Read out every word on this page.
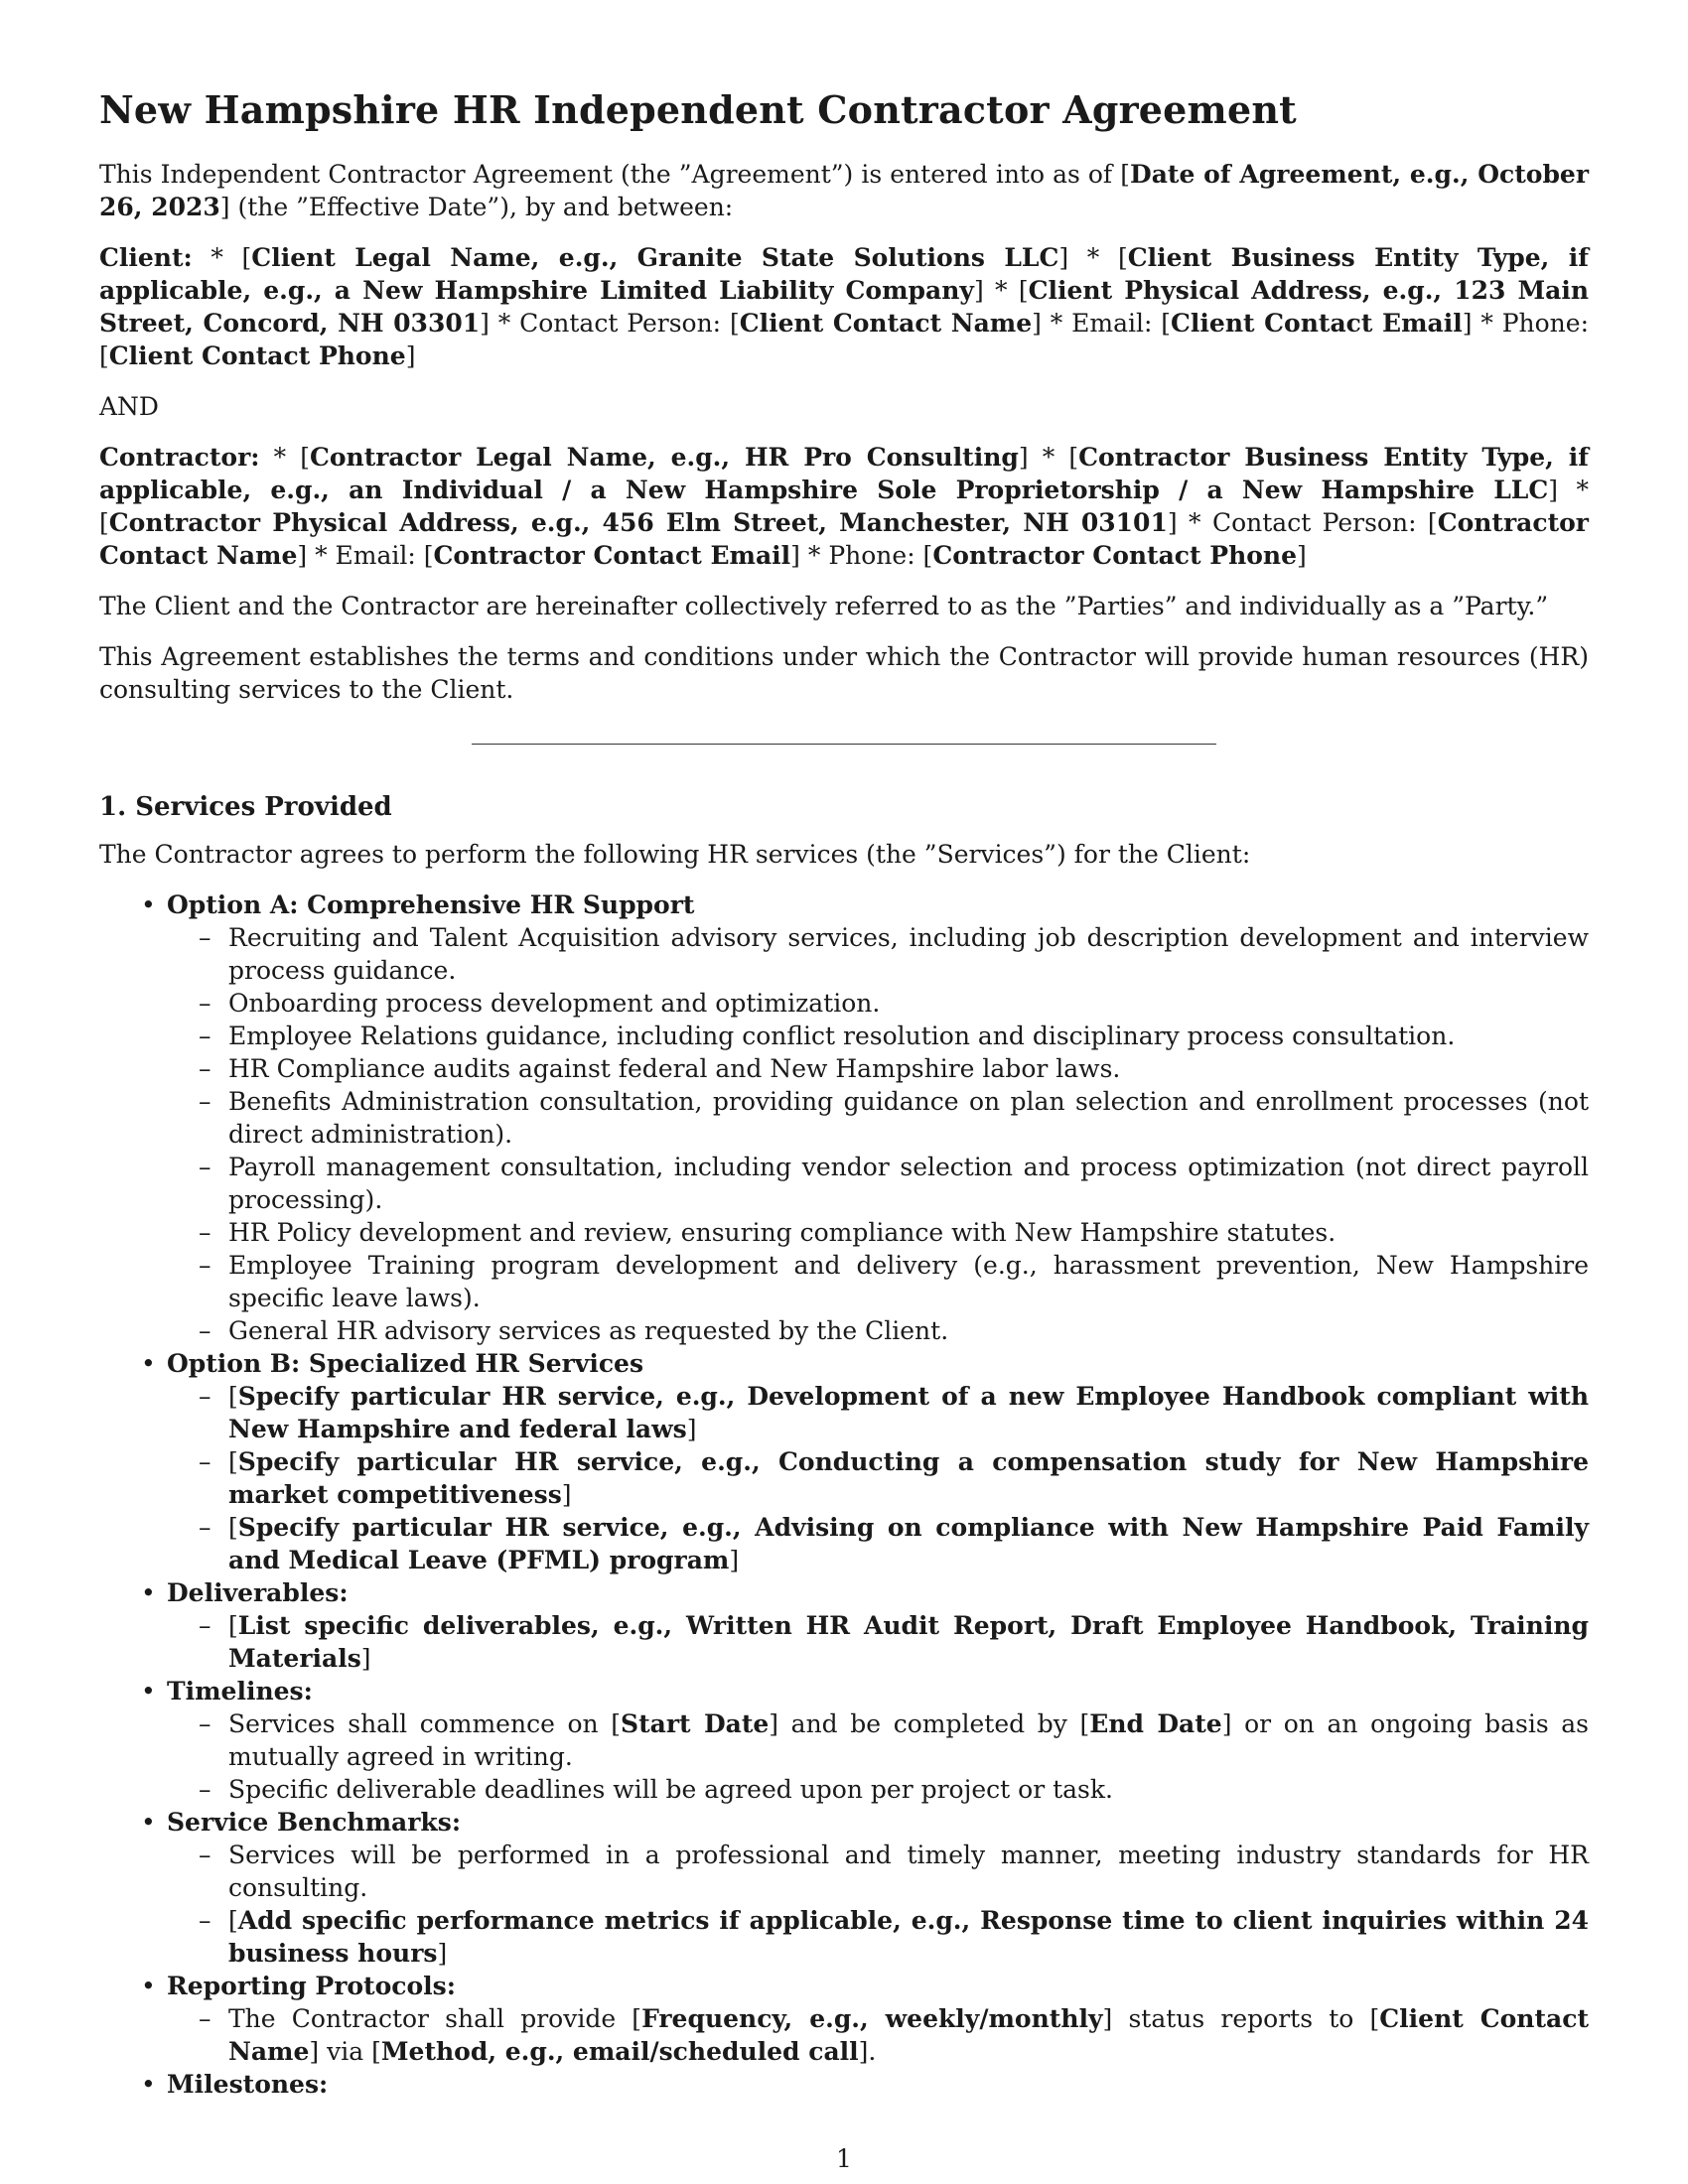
New Hampshire HR Independent Contractor Agreement

This Independent Contractor Agreement (the ”Agreement”) is entered into as of [Date of Agreement, e.g., October 26, 2023] (the ”Effective Date”), by and between:

Client: * [Client Legal Name, e.g., Granite State Solutions LLC] * [Client Business Entity Type, if applicable, e.g., a New Hampshire Limited Liability Company] * [Client Physical Address, e.g., 123 Main Street, Concord, NH 03301] * Contact Person: [Client Contact Name] * Email: [Client Contact Email] * Phone: [Client Contact Phone]

AND

Contractor: * [Contractor Legal Name, e.g., HR Pro Consulting] * [Contractor Business Entity Type, if applicable, e.g., an Individual / a New Hampshire Sole Proprietorship / a New Hampshire LLC] * [Contractor Physical Address, e.g., 456 Elm Street, Manchester, NH 03101] * Contact Person: [Contractor Contact Name] * Email: [Contractor Contact Email] * Phone: [Contractor Contact Phone]

The Client and the Contractor are hereinafter collectively referred to as the ”Parties” and individually as a ”Party.”

This Agreement establishes the terms and conditions under which the Contractor will provide human resources (HR) consulting services to the Client.

1. Services Provided

The Contractor agrees to perform the following HR services (the ”Services”) for the Client:

• Option A: Comprehensive HR Support
– Recruiting and Talent Acquisition advisory services, including job description development and interview process guidance.
– Onboarding process development and optimization.
– Employee Relations guidance, including conflict resolution and disciplinary process consultation.
– HR Compliance audits against federal and New Hampshire labor laws.
– Benefits Administration consultation, providing guidance on plan selection and enrollment processes (not direct administration).
– Payroll management consultation, including vendor selection and process optimization (not direct payroll processing).
– HR Policy development and review, ensuring compliance with New Hampshire statutes.
– Employee Training program development and delivery (e.g., harassment prevention, New Hampshire specific leave laws).
– General HR advisory services as requested by the Client.
• Option B: Specialized HR Services
– [Specify particular HR service, e.g., Development of a new Employee Handbook compliant with New Hampshire and federal laws]
– [Specify particular HR service, e.g., Conducting a compensation study for New Hampshire market competitiveness]
– [Specify particular HR service, e.g., Advising on compliance with New Hampshire Paid Family and Medical Leave (PFML) program]
• Deliverables:
– [List specific deliverables, e.g., Written HR Audit Report, Draft Employee Handbook, Training Materials]
• Timelines:
– Services shall commence on [Start Date] and be completed by [End Date] or on an ongoing basis as mutually agreed in writing.
– Specific deliverable deadlines will be agreed upon per project or task.
• Service Benchmarks:
– Services will be performed in a professional and timely manner, meeting industry standards for HR consulting.
– [Add specific performance metrics if applicable, e.g., Response time to client inquiries within 24 business hours]
• Reporting Protocols:
– The Contractor shall provide [Frequency, e.g., weekly/monthly] status reports to [Client Contact Name] via [Method, e.g., email/scheduled call].
• Milestones:
1
